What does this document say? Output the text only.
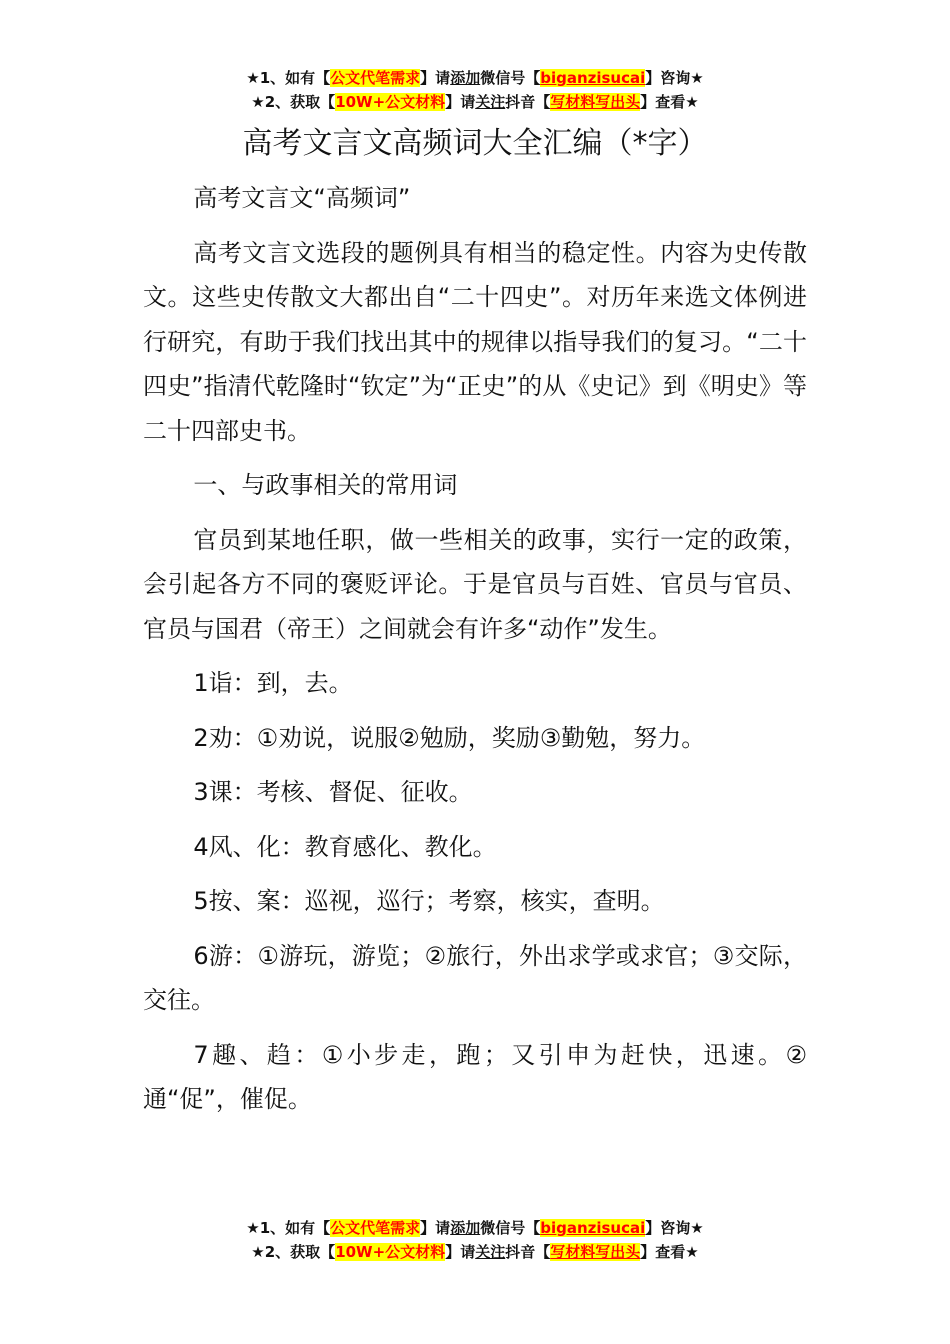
★1、如有【公文代笔需求】请添加微信号【biganzisucai】咨询★
★2、获取【10W+公文材料】请关注抖音【写材料写出头】查看★
高考文言文高频词大全汇编（*字）

高考文言文“高频词”

高考文言文选段的题例具有相当的稳定性。内容为史传散文。这些史传散文大都出自“二十四史”。对历年来选文体例进行研究，有助于我们找出其中的规律以指导我们的复习。“二十四史”指清代乾隆时“钦定”为“正史”的从《史记》到《明史》等二十四部史书。

一、与政事相关的常用词

官员到某地任职，做一些相关的政事，实行一定的政策，会引起各方不同的褒贬评论。于是官员与百姓、官员与官员、官员与国君（帝王）之间就会有许多“动作”发生。

1诣：到，去。

2劝：①劝说，说服②勉励，奖励③勤勉，努力。

3课：考核、督促、征收。

4风、化：教育感化、教化。

5按、案：巡视，巡行；考察，核实，查明。

6游：①游玩，游览；②旅行，外出求学或求官；③交际，交往。

7趣、趋：①小步走，跑；又引申为赶快，迅速。②通“促”，催促。

★1、如有【公文代笔需求】请添加微信号【biganzisucai】咨询★
★2、获取【10W+公文材料】请关注抖音【写材料写出头】查看★
